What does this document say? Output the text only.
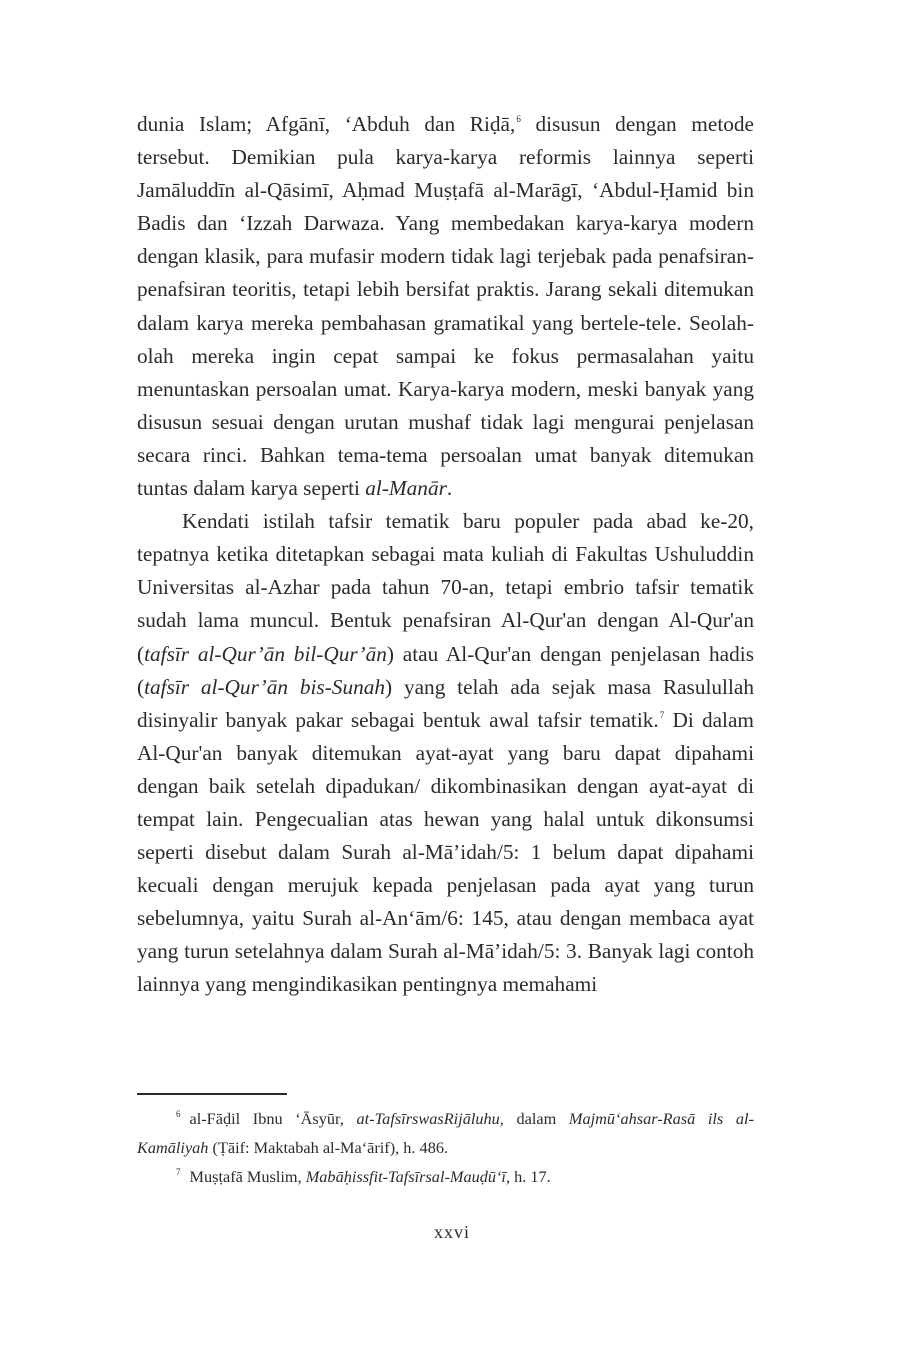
dunia Islam; Afgānī, ‘Abduh dan Riḍā,$^6$ disusun dengan metode tersebut. Demikian pula karya-karya reformis lainnya seperti Jamāluddīn al-Qāsimī, Aḥmad Muṣṭafā al-Marāgī, ‘Abdul-Ḥamid bin Badis dan ‘Izzah Darwaza. Yang membedakan karya-karya modern dengan klasik, para mufasir modern tidak lagi terjebak pada penafsiran-penafsiran teoritis, tetapi lebih bersifat praktis. Jarang sekali ditemukan dalam karya mereka pembahasan gramatikal yang bertele-tele. Seolah-olah mereka ingin cepat sampai ke fokus permasalahan yaitu menuntaskan persoalan umat. Karya-karya modern, meski banyak yang disusun sesuai dengan urutan mushaf tidak lagi mengurai penjelasan secara rinci. Bahkan tema-tema persoalan umat banyak ditemukan tuntas dalam karya seperti al-Manār.

Kendati istilah tafsir tematik baru populer pada abad ke-20, tepatnya ketika ditetapkan sebagai mata kuliah di Fakultas Ushuluddin Universitas al-Azhar pada tahun 70-an, tetapi embrio tafsir tematik sudah lama muncul. Bentuk penafsiran Al-Qur'an dengan Al-Qur'an (tafsīr al-Qur’ān bil-Qur’ān) atau Al-Qur'an dengan penjelasan hadis (tafsīr al-Qur’ān bis-Sunah) yang telah ada sejak masa Rasulullah disinyalir banyak pakar sebagai bentuk awal tafsir tematik.$^7$ Di dalam Al-Qur'an banyak ditemukan ayat-ayat yang baru dapat dipahami dengan baik setelah dipadukan/ dikombinasikan dengan ayat-ayat di tempat lain. Pengecualian atas hewan yang halal untuk dikonsumsi seperti disebut dalam Surah al-Mā’idah/5: 1 belum dapat dipahami kecuali dengan merujuk kepada penjelasan pada ayat yang turun sebelumnya, yaitu Surah al-An‘ām/6: 145, atau dengan membaca ayat yang turun setelahnya dalam Surah al-Mā’idah/5: 3. Banyak lagi contoh lainnya yang mengindikasikan pentingnya memahami

$^6$ al-Fāḍil Ibnu ‘Āsyūr, at-TafsīrswasRijāluhu, dalam Majmū‘ahsar-Rasā ils al-Kamāliyah (Ṭāif: Maktabah al-Ma‘ārif), h. 486.

$^7$ Muṣṭafā Muslim, Mabāḥissfit-Tafsīrsal-Mauḍū‘ī, h. 17.

xxvi
